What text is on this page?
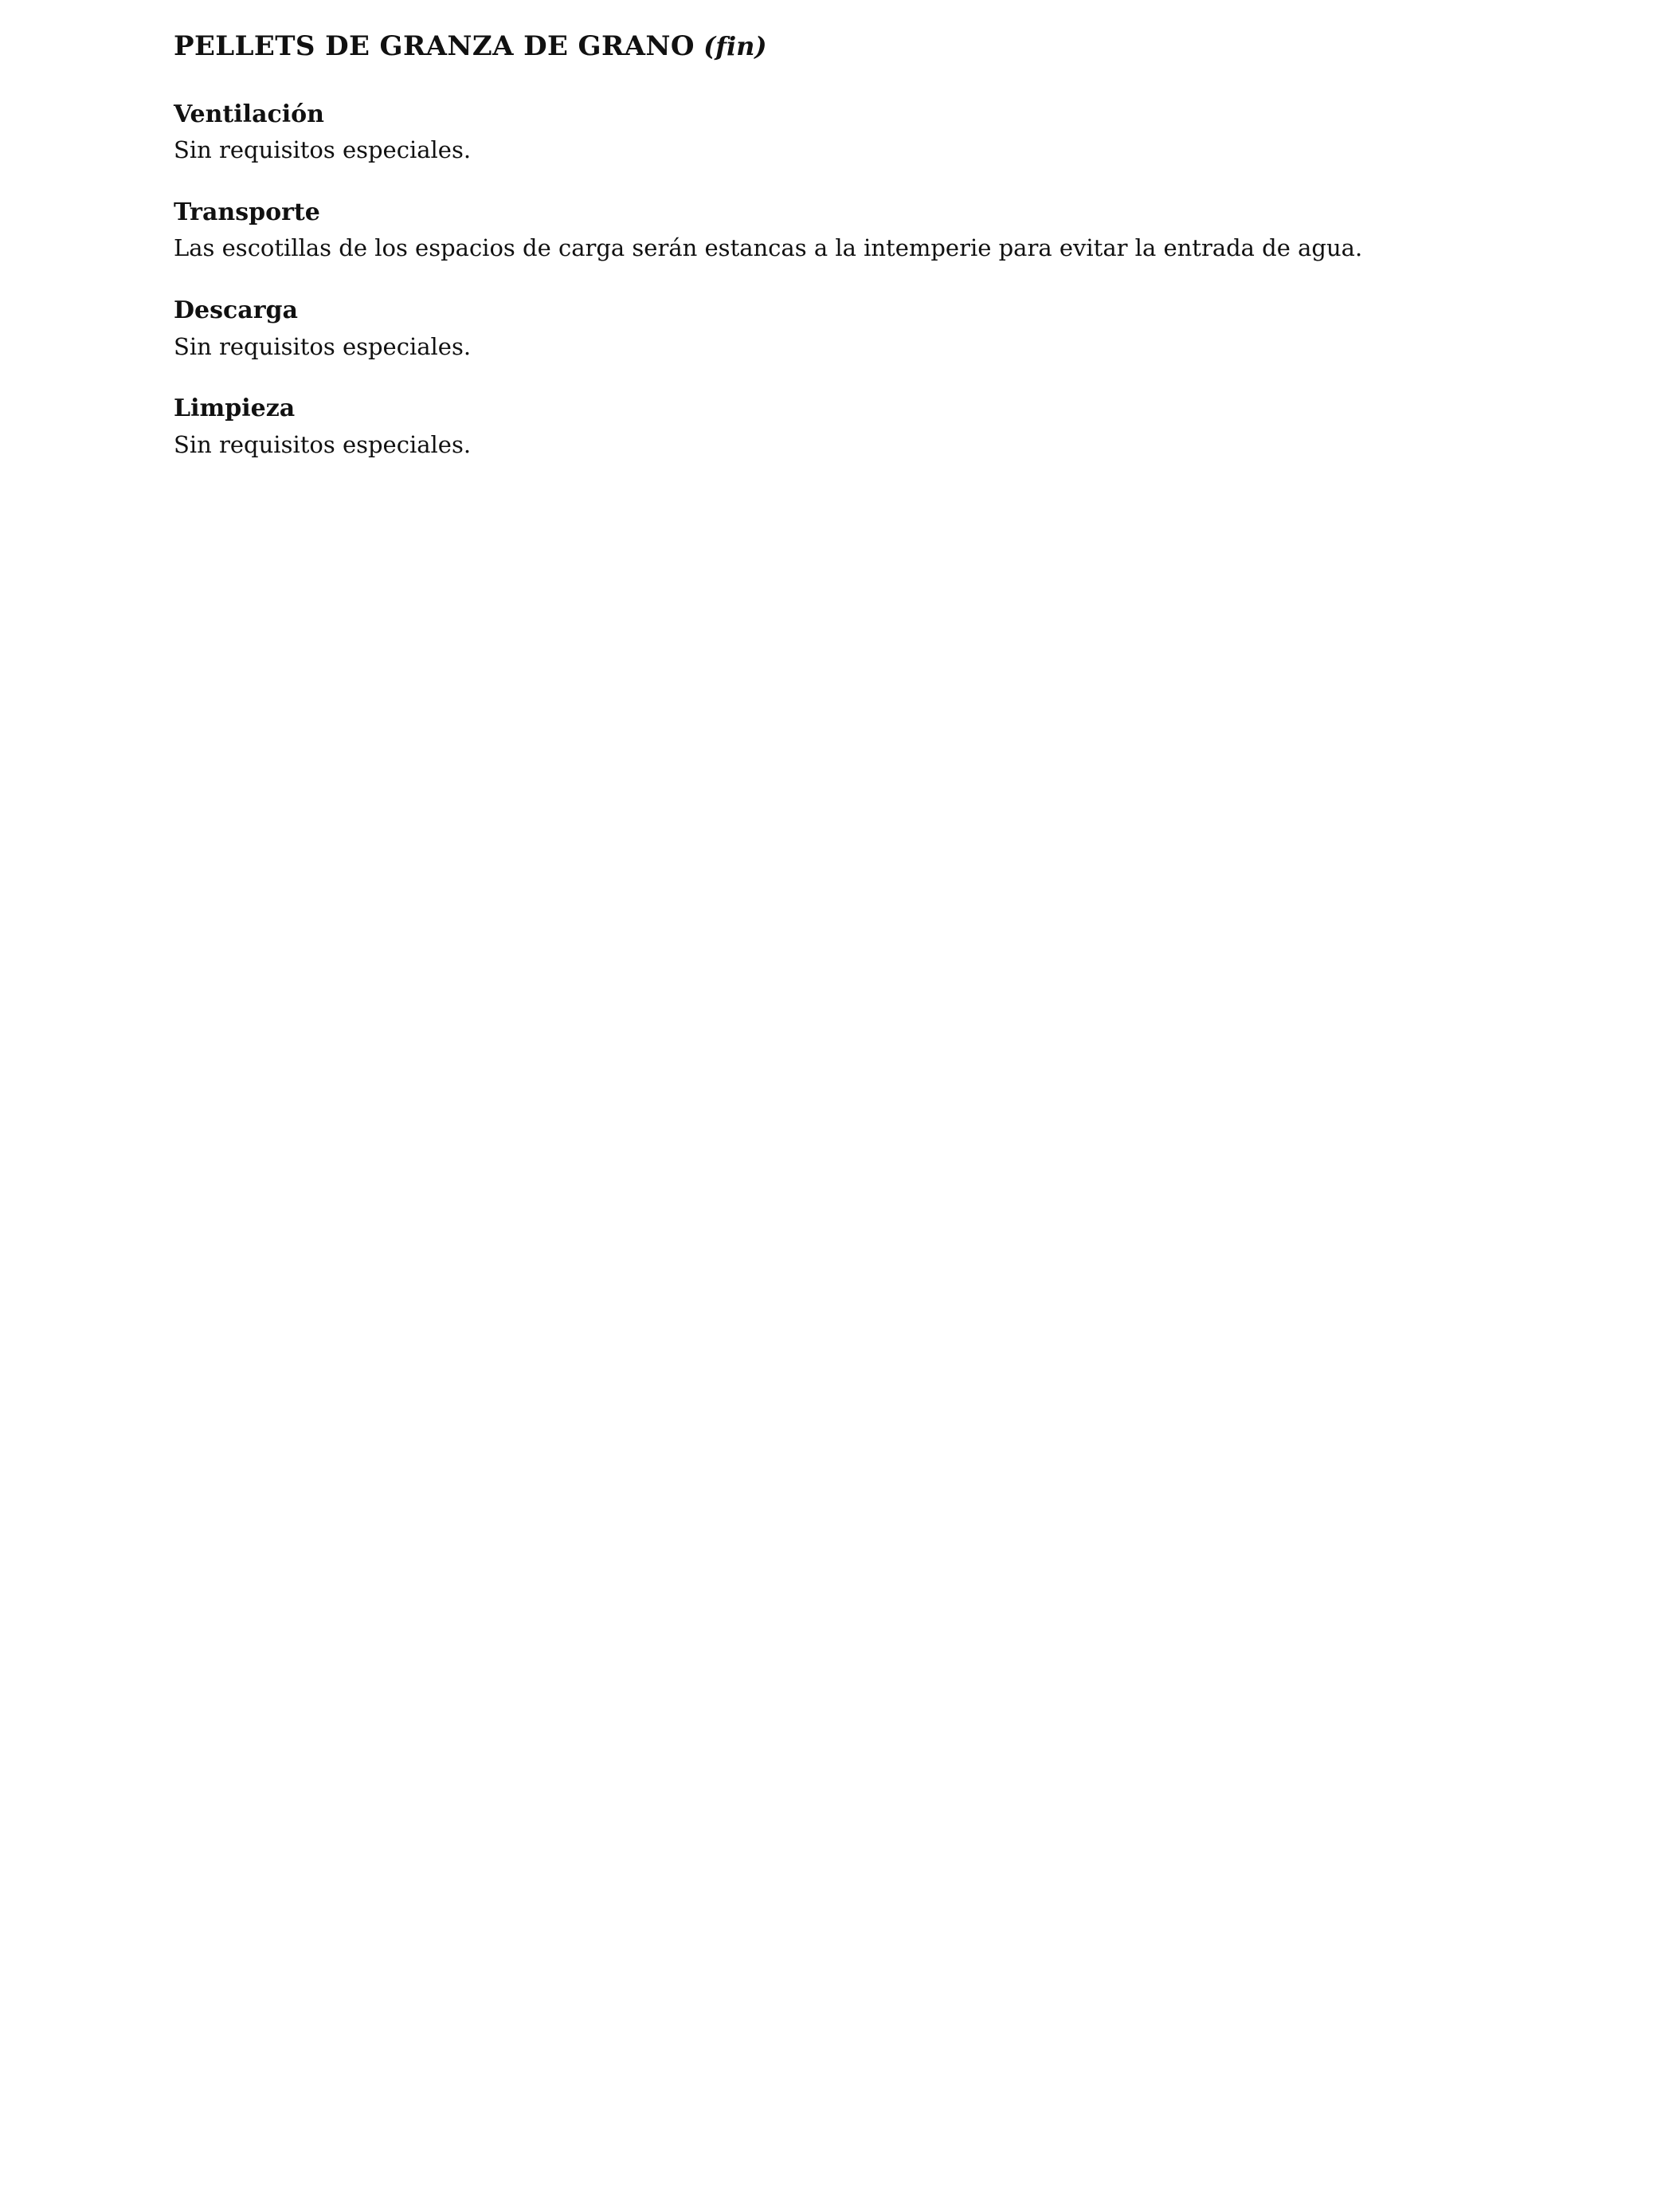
PELLETS DE GRANZA DE GRANO (fin)
Ventilación

Sin requisitos especiales.

Transporte

Las escotillas de los espacios de carga serán estancas a la intemperie para evitar la entrada de agua.

Descarga

Sin requisitos especiales.

Limpieza

Sin requisitos especiales.
